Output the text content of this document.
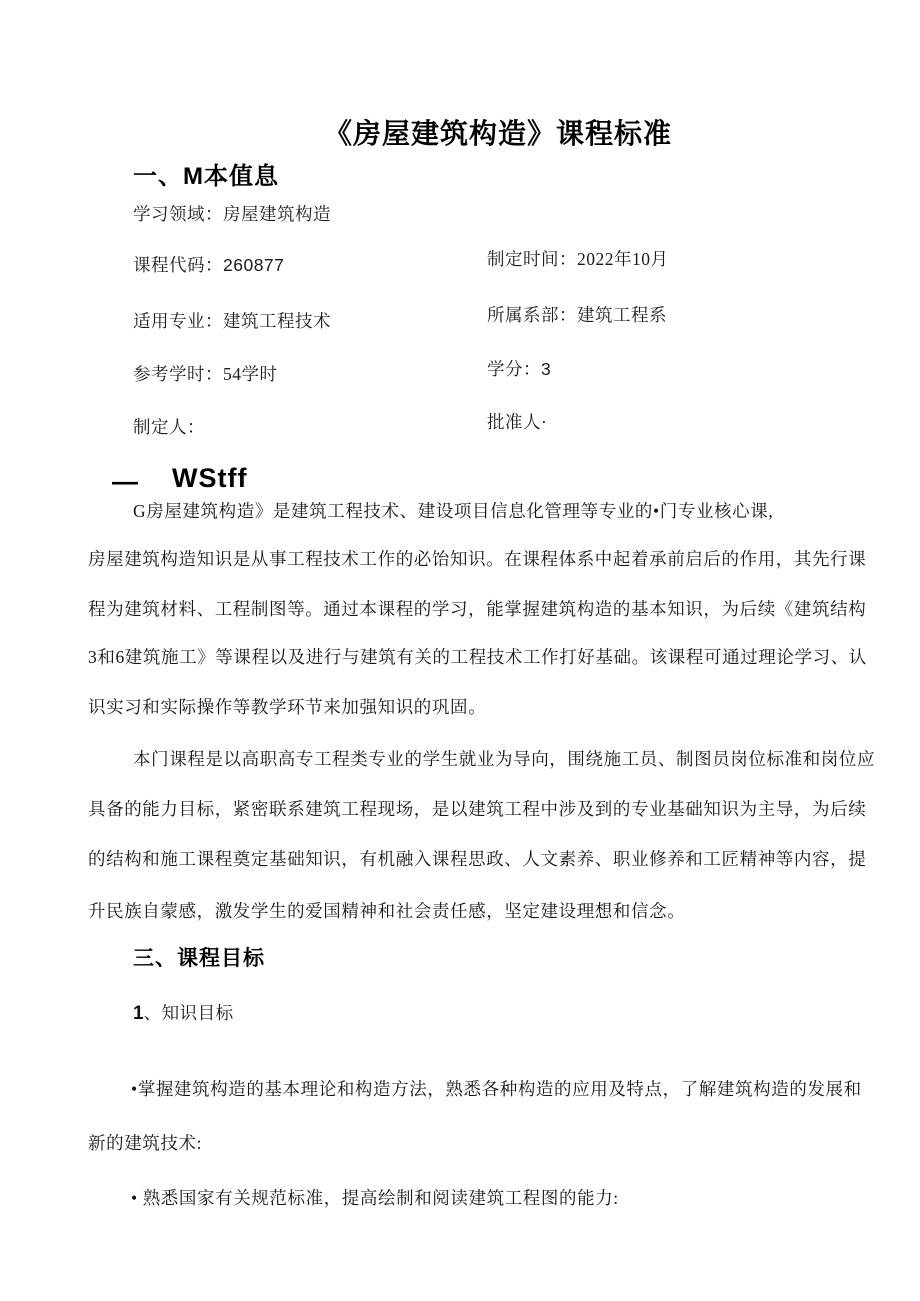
《房屋建筑构造》课程标准
一、M本值息
学习领域：房屋建筑构造
课程代码：260877	制定时间：2022年10月
适用专业：建筑工程技术	所属系部：建筑工程系
参考学时：54学时	学分：3
制定人：	批准人·
— WStff
G房屋建筑构造》是建筑工程技术、建设项目信息化管理等专业的•门专业核心课,
房屋建筑构造知识是从事工程技术工作的必饴知识。在课程体系中起着承前启后的作用，其先行课
程为建筑材料、工程制图等。通过本课程的学习，能掌握建筑构造的基本知识，为后续《建筑结构
3和6建筑施工》等课程以及进行与建筑有关的工程技术工作打好基础。该课程可通过理论学习、认
识实习和实际操作等教学环节来加强知识的巩固。
本门课程是以高职高专工程类专业的学生就业为导向，围绕施工员、制图员岗位标准和岗位应
具备的能力目标，紧密联系建筑工程现场，是以建筑工程中涉及到的专业基础知识为主导，为后续
的结构和施工课程奠定基础知识，有机融入课程思政、人文素养、职业修养和工匠精神等内容，提
升民族自蒙感，激发学生的爱国精神和社会责任感，坚定建设理想和信念。
三、课程目标
1、知识目标
•掌握建筑构造的基本理论和构造方法，熟悉各种构造的应用及特点，了解建筑构造的发展和
新的建筑技术:
• 熟悉国家有关规范标准，提高绘制和阅读建筑工程图的能力:
